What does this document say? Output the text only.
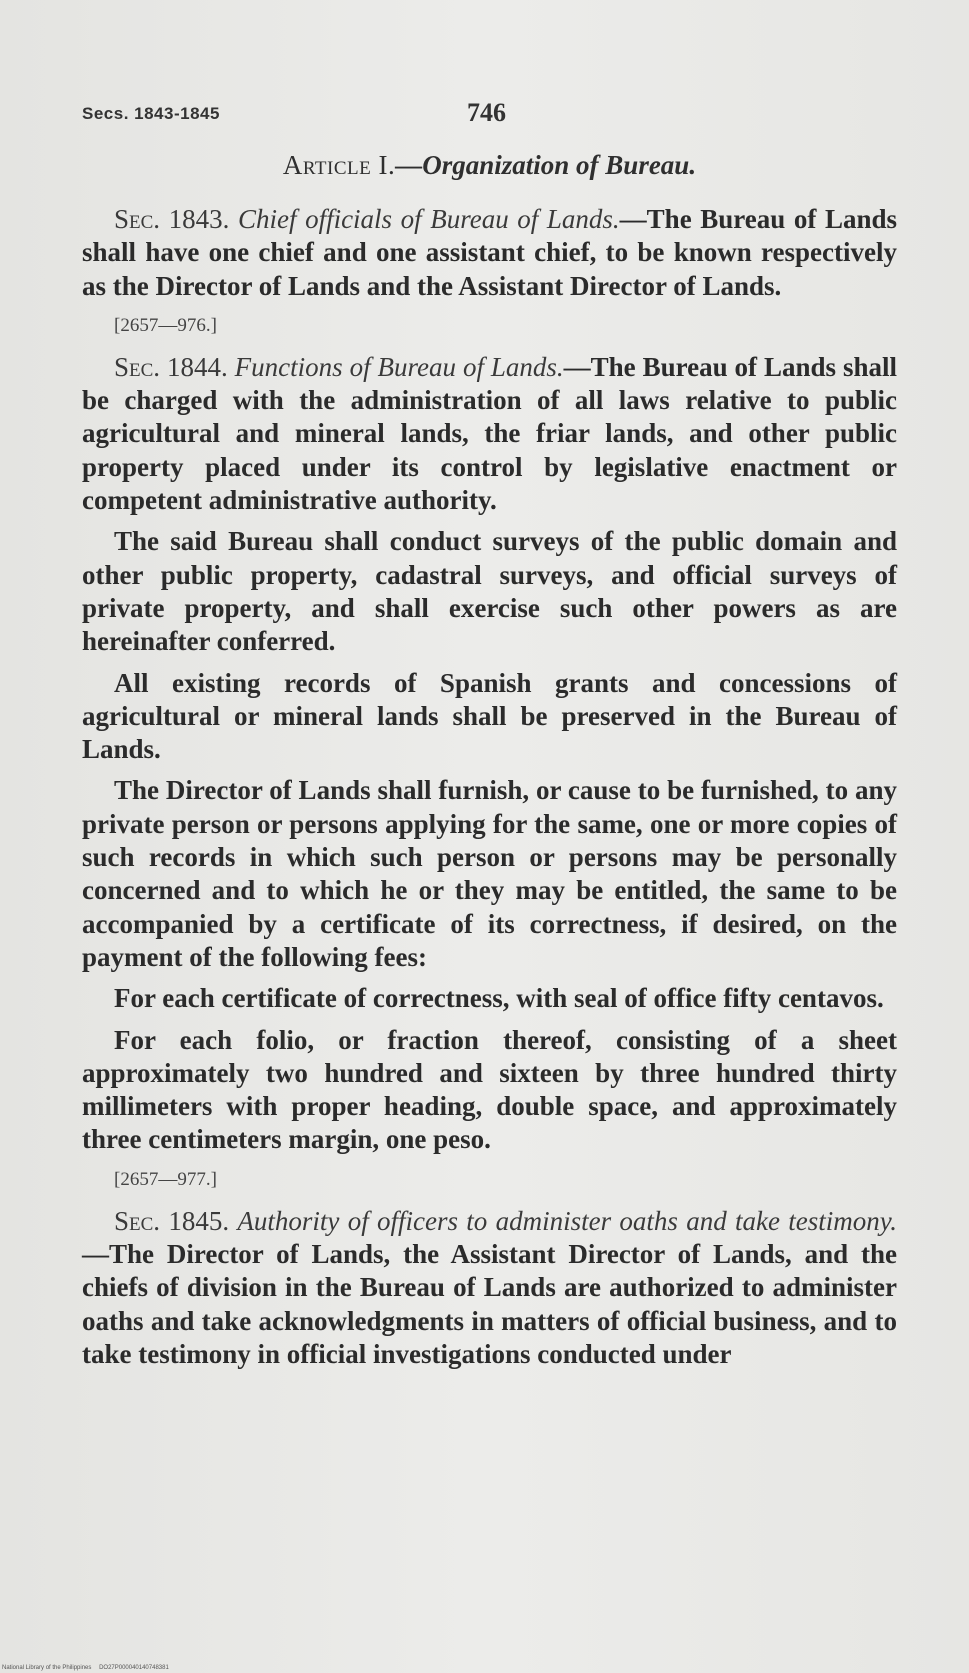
Secs. 1843-1845	746
Article I.—Organization of Bureau.

Sec. 1843. Chief officials of Bureau of Lands.—The Bureau of Lands shall have one chief and one assistant chief, to be known respectively as the Director of Lands and the Assistant Director of Lands.

[2657—976.]

Sec. 1844. Functions of Bureau of Lands.—The Bureau of Lands shall be charged with the administration of all laws relative to public agricultural and mineral lands, the friar lands, and other public property placed under its control by legislative enactment or competent administrative authority.

The said Bureau shall conduct surveys of the public domain and other public property, cadastral surveys, and official surveys of private property, and shall exercise such other powers as are hereinafter conferred.

All existing records of Spanish grants and concessions of agricultural or mineral lands shall be preserved in the Bureau of Lands.

The Director of Lands shall furnish, or cause to be furnished, to any private person or persons applying for the same, one or more copies of such records in which such person or persons may be personally concerned and to which he or they may be entitled, the same to be accompanied by a certificate of its correctness, if desired, on the payment of the following fees:

For each certificate of correctness, with seal of office fifty centavos.

For each folio, or fraction thereof, consisting of a sheet approximately two hundred and sixteen by three hundred thirty millimeters with proper heading, double space, and approximately three centimeters margin, one peso.

[2657—977.]

Sec. 1845. Authority of officers to administer oaths and take testimony.—The Director of Lands, the Assistant Director of Lands, and the chiefs of division in the Bureau of Lands are authorized to administer oaths and take acknowledgments in matters of official business, and to take testimony in official investigations conducted under

National Library of the Philippines DO27P000040140748381
